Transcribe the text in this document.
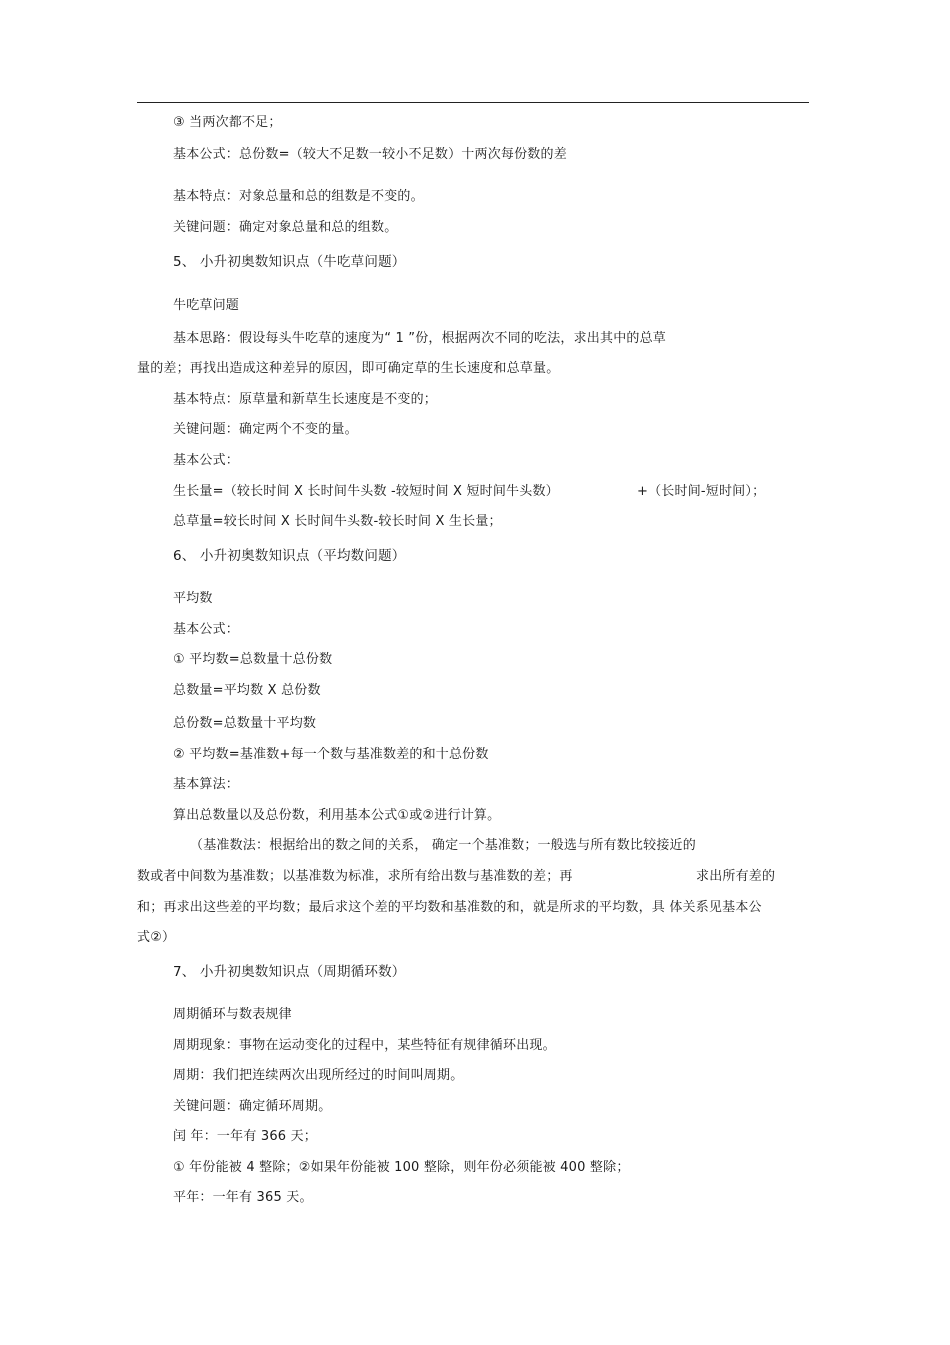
③ 当两次都不足；
基本公式：总份数=（较大不足数一较小不足数）十两次每份数的差
基本特点：对象总量和总的组数是不变的。
关键问题：确定对象总量和总的组数。
5、 小升初奥数知识点（牛吃草问题）
牛吃草问题
基本思路：假设每头牛吃草的速度为“ 1 ”份，根据两次不同的吃法，求出其中的总草
量的差；再找出造成这种差异的原因，即可确定草的生长速度和总草量。
基本特点：原草量和新草生长速度是不变的；
关键问题：确定两个不变的量。
基本公式：
生长量=（较长时间 X 长时间牛头数 -较短时间 X 短时间牛头数）	+（长时间-短时间）；
总草量=较长时间 X 长时间牛头数-较长时间 X 生长量；
6、 小升初奥数知识点（平均数问题）
平均数
基本公式：
① 平均数=总数量十总份数
总数量=平均数 X 总份数
总份数=总数量十平均数
② 平均数=基准数+每一个数与基准数差的和十总份数
基本算法：
算出总数量以及总份数，利用基本公式①或②进行计算。
（基准数法：根据给出的数之间的关系， 确定一个基准数；一般选与所有数比较接近的
数或者中间数为基准数；以基准数为标准，求所有给出数与基准数的差；再	求出所有差的
和；再求出这些差的平均数；最后求这个差的平均数和基准数的和，就是所求的平均数，具 体关系见基本公
式②）
7、 小升初奥数知识点（周期循环数）
周期循环与数表规律
周期现象：事物在运动变化的过程中，某些特征有规律循环出现。
周期：我们把连续两次出现所经过的时间叫周期。
关键问题：确定循环周期。
闰 年：一年有 366 天；
① 年份能被 4 整除；②如果年份能被 100 整除，则年份必须能被 400 整除；
平年：一年有 365 天。
